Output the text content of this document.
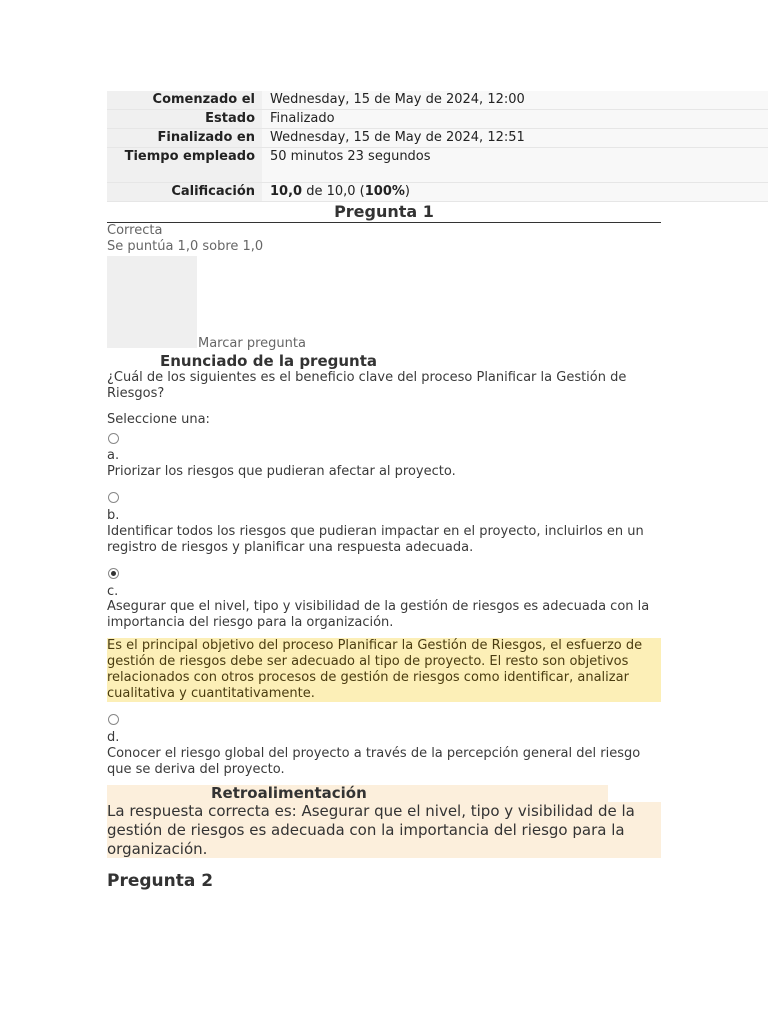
Comenzado el	Wednesday, 15 de May de 2024, 12:00
Estado	Finalizado
Finalizado en	Wednesday, 15 de May de 2024, 12:51
Tiempo empleado	50 minutos 23 segundos
Calificación	10,0 de 10,0 (100%)
Pregunta 1
Correcta
Se puntúa 1,0 sobre 1,0
Marcar pregunta
Enunciado de la pregunta
¿Cuál de los siguientes es el beneficio clave del proceso Planificar la Gestión de Riesgos?
Seleccione una:
a.
Priorizar los riesgos que pudieran afectar al proyecto.
b.
Identificar todos los riesgos que pudieran impactar en el proyecto, incluirlos en un registro de riesgos y planificar una respuesta adecuada.
c.
Asegurar que el nivel, tipo y visibilidad de la gestión de riesgos es adecuada con la importancia del riesgo para la organización.
Es el principal objetivo del proceso Planificar la Gestión de Riesgos, el esfuerzo de gestión de riesgos debe ser adecuado al tipo de proyecto. El resto son objetivos relacionados con otros procesos de gestión de riesgos como identificar, analizar cualitativa y cuantitativamente.
d.
Conocer el riesgo global del proyecto a través de la percepción general del riesgo que se deriva del proyecto.
Retroalimentación
La respuesta correcta es: Asegurar que el nivel, tipo y visibilidad de la gestión de riesgos es adecuada con la importancia del riesgo para la organización.
Pregunta 2
